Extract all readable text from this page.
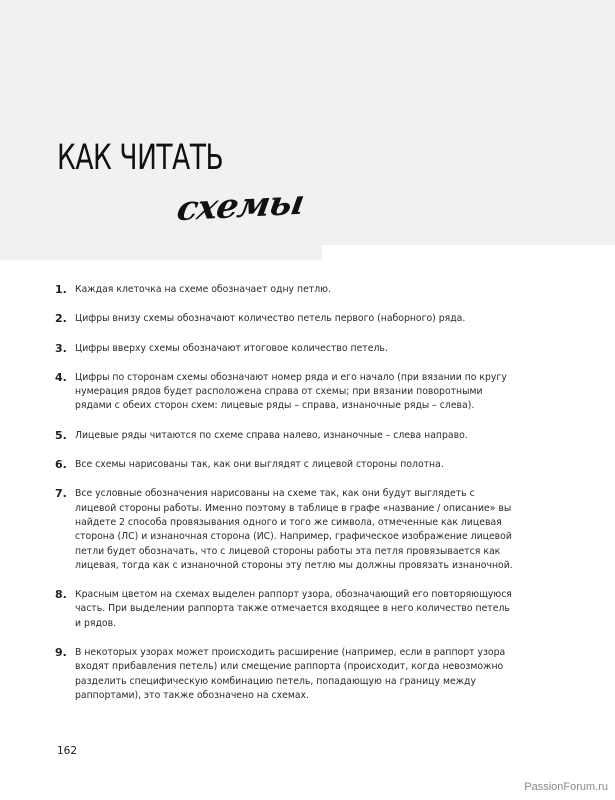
КАК ЧИТАТЬ
схемы
1. Каждая клеточка на схеме обозначает одну петлю.
2. Цифры внизу схемы обозначают количество петель первого (наборного) ряда.
3. Цифры вверху схемы обозначают итоговое количество петель.
4. Цифры по сторонам схемы обозначают номер ряда и его начало (при вязании по кругу нумерация рядов будет расположена справа от схемы; при вязании поворотными рядами с обеих сторон схем: лицевые ряды – справа, изнаночные ряды – слева).
5. Лицевые ряды читаются по схеме справа налево, изнаночные – слева направо.
6. Все схемы нарисованы так, как они выглядят с лицевой стороны полотна.
7. Все условные обозначения нарисованы на схеме так, как они будут выглядеть с лицевой стороны работы. Именно поэтому в таблице в графе «название / описание» вы найдете 2 способа провязывания одного и того же символа, отмеченные как лицевая сторона (ЛС) и изнаночная сторона (ИС). Например, графическое изображение лицевой петли будет обозначать, что с лицевой стороны работы эта петля провязывается как лицевая, тогда как с изнаночной стороны эту петлю мы должны провязать изнаночной.
8. Красным цветом на схемах выделен раппорт узора, обозначающий его повторяющуюся часть. При выделении раппорта также отмечается входящее в него количество петель и рядов.
9. В некоторых узорах может происходить расширение (например, если в раппорт узора входят прибавления петель) или смещение раппорта (происходит, когда невозможно разделить специфическую комбинацию петель, попадающую на границу между раппортами), это также обозначено на схемах.
162
PassionForum.ru
